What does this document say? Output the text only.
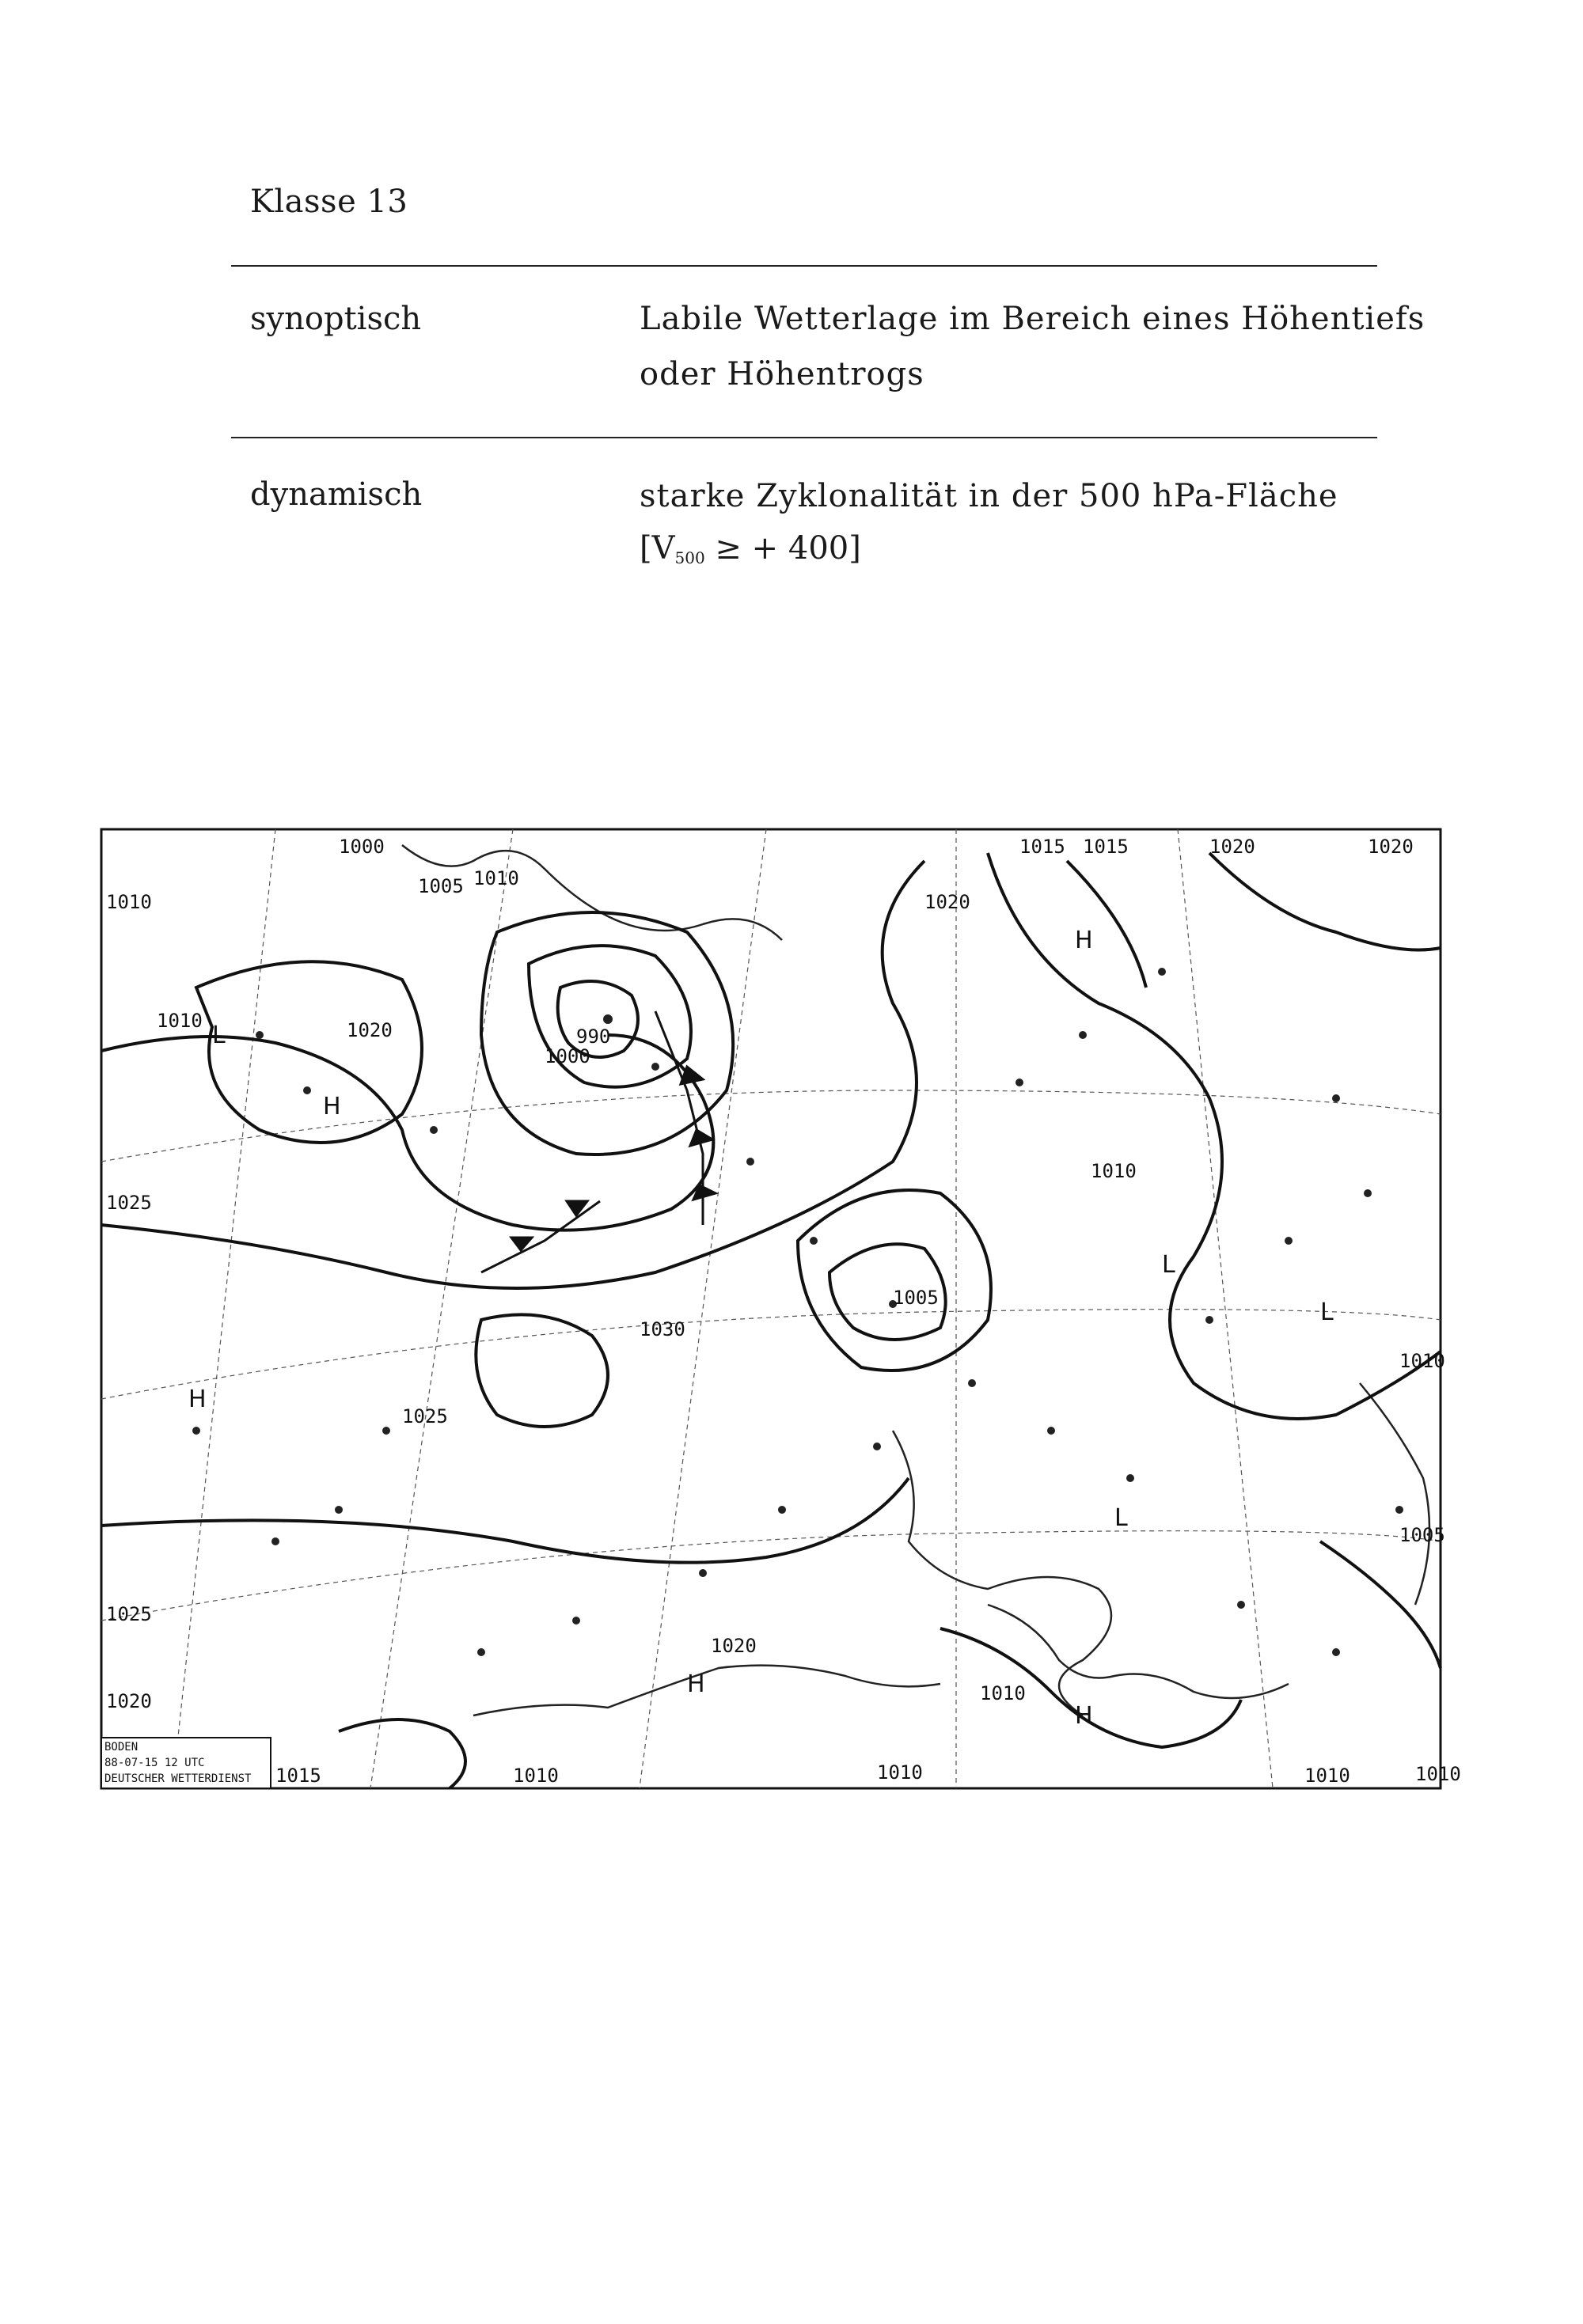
Klasse 13
synoptisch	Labile Wetterlage im Bereich eines Höhentiefs
oder Höhentrogs
dynamisch	starke Zyklonalität in der 500 hPa-Fläche
[$V_{500}$ ≥ + 400]
1000
1005
1010
1010
1010
1020
1020
1015 1015	1020	1020
1020
1030
1025
1005
990
1000
1010
1010
1025
1025
1020
1015	1010	1010	1010
1010
1005
1010
H
L
H
L
L
H
H
H
L
BODEN
88-07-15 12 UTC
DEUTSCHER WETTERDIENST
